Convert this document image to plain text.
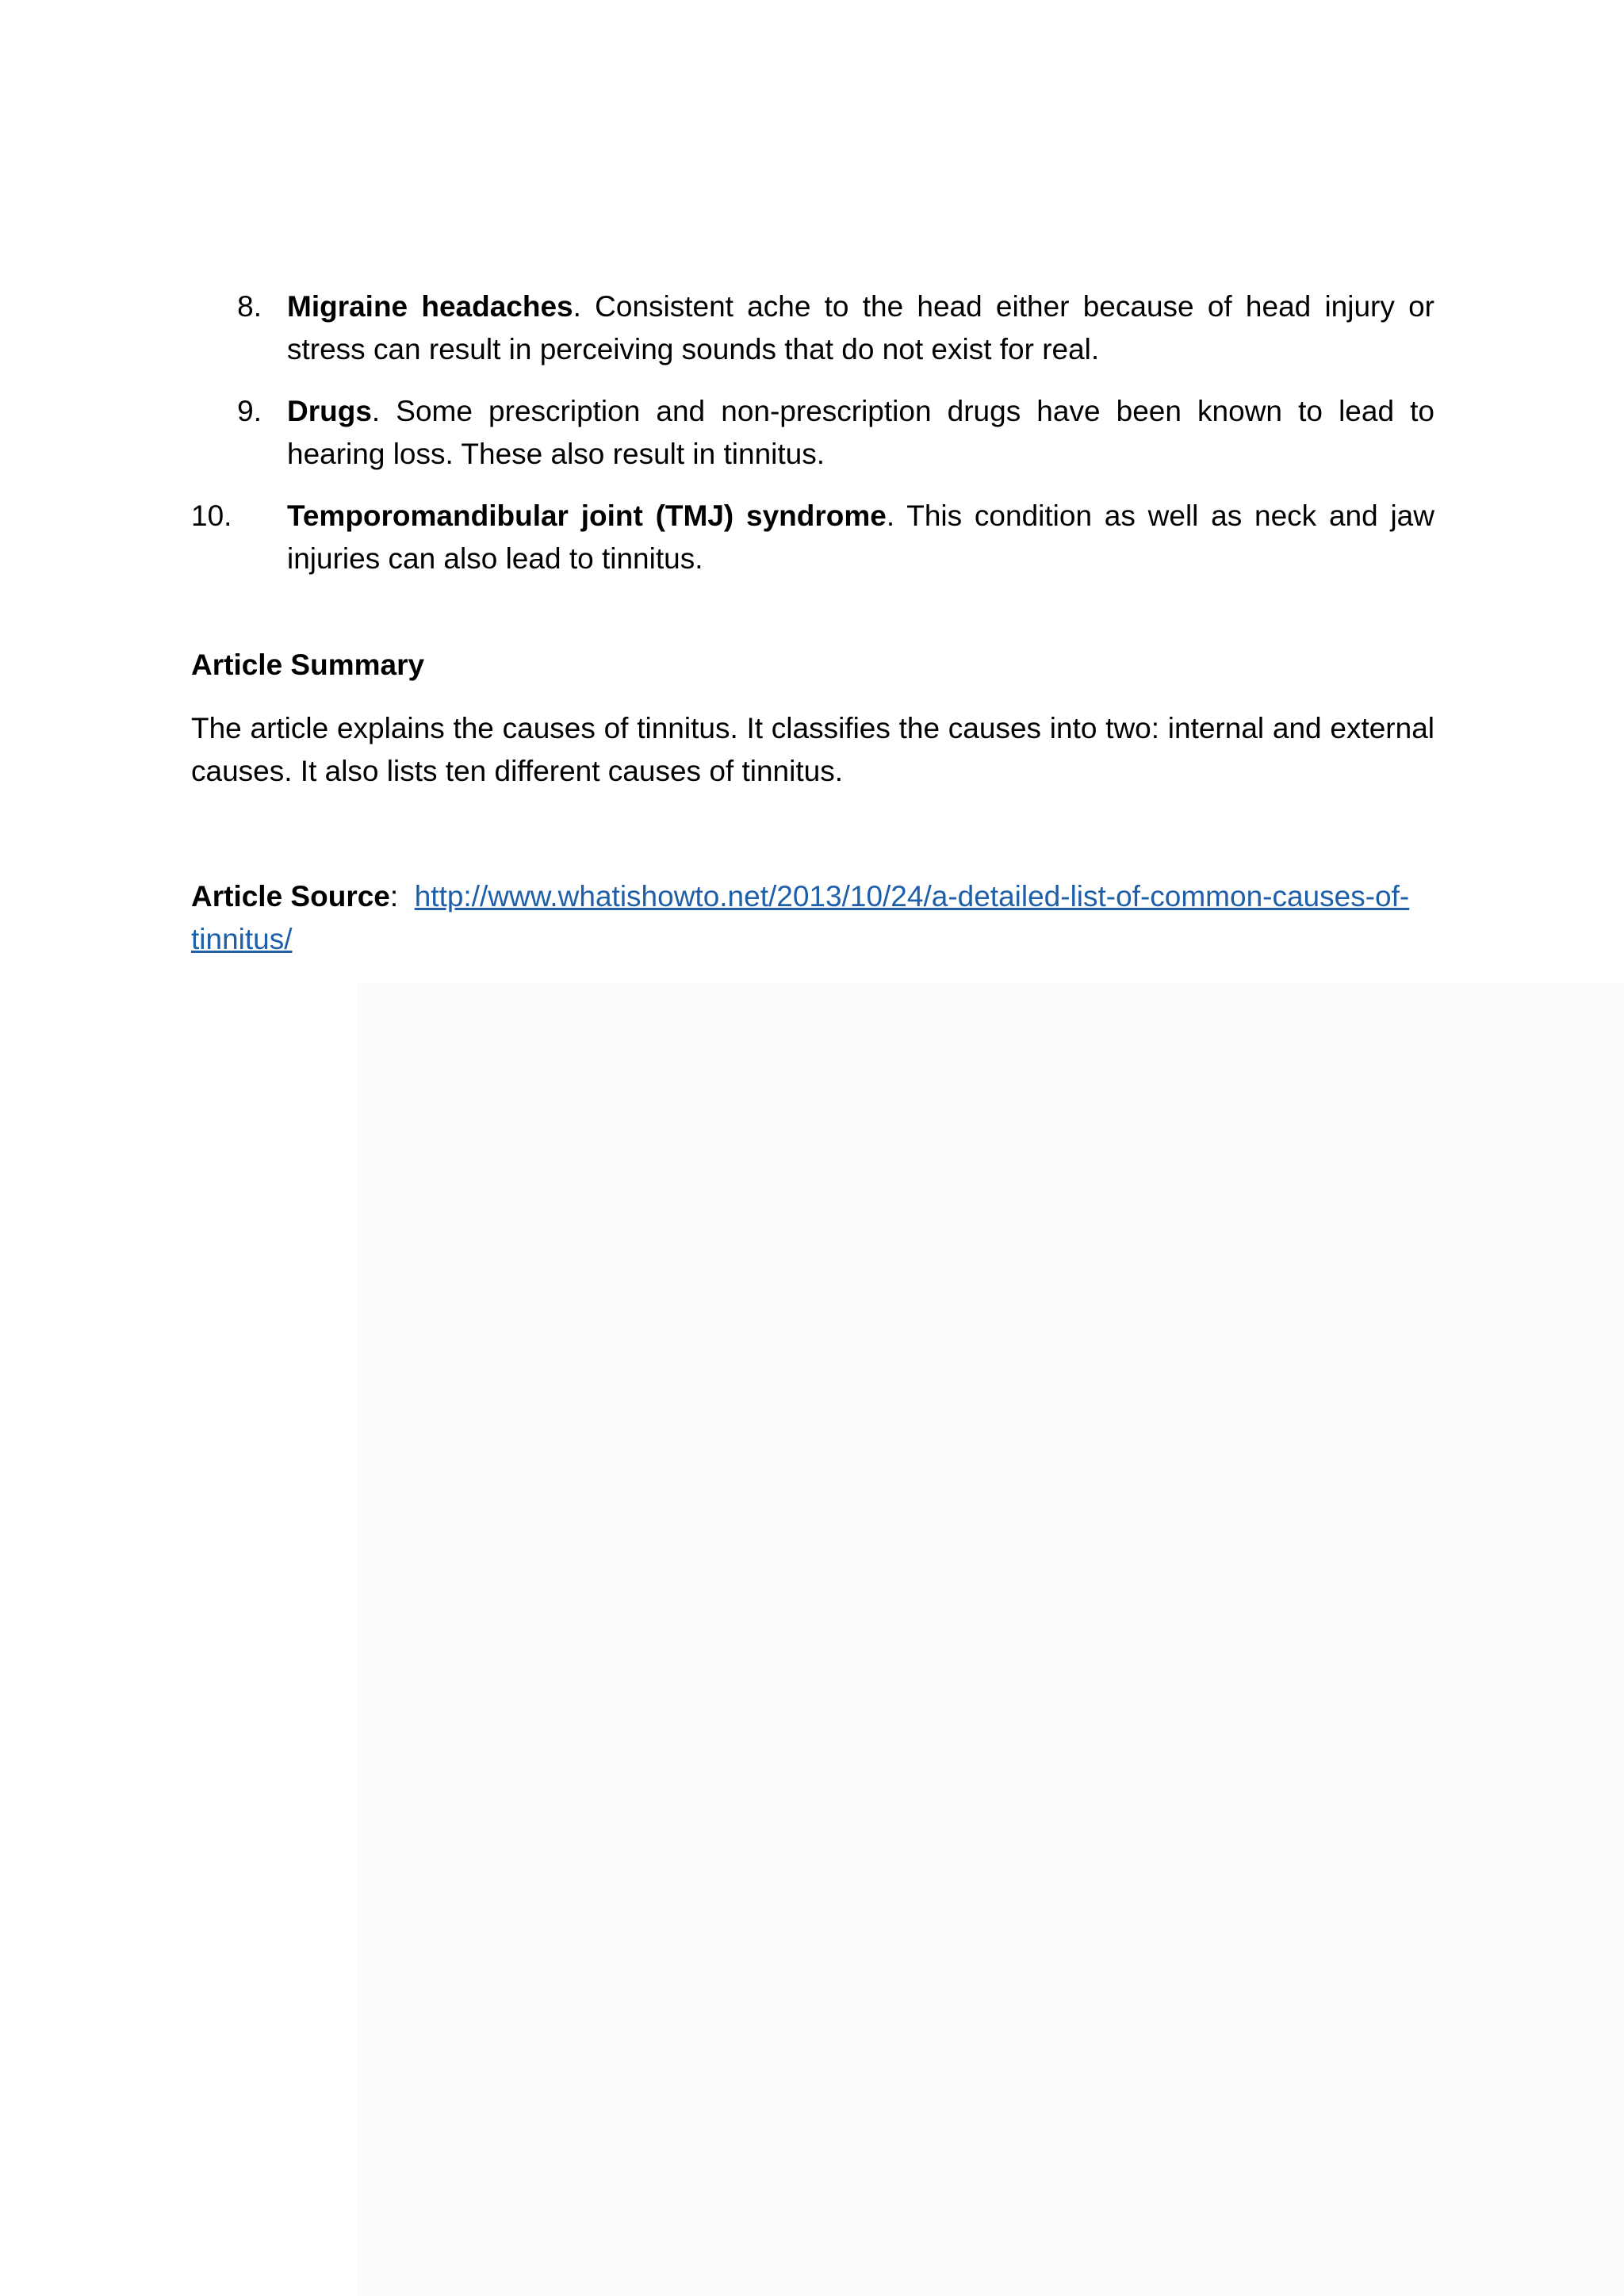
8. Migraine headaches. Consistent ache to the head either because of head injury or stress can result in perceiving sounds that do not exist for real.
9. Drugs. Some prescription and non-prescription drugs have been known to lead to hearing loss. These also result in tinnitus.
10.	Temporomandibular joint (TMJ) syndrome. This condition as well as neck and jaw injuries can also lead to tinnitus.
Article Summary

The article explains the causes of tinnitus. It classifies the causes into two: internal and external causes. It also lists ten different causes of tinnitus.

Article Source: http://www.whatishowto.net/2013/10/24/a-detailed-list-of-common-causes-of-tinnitus/
